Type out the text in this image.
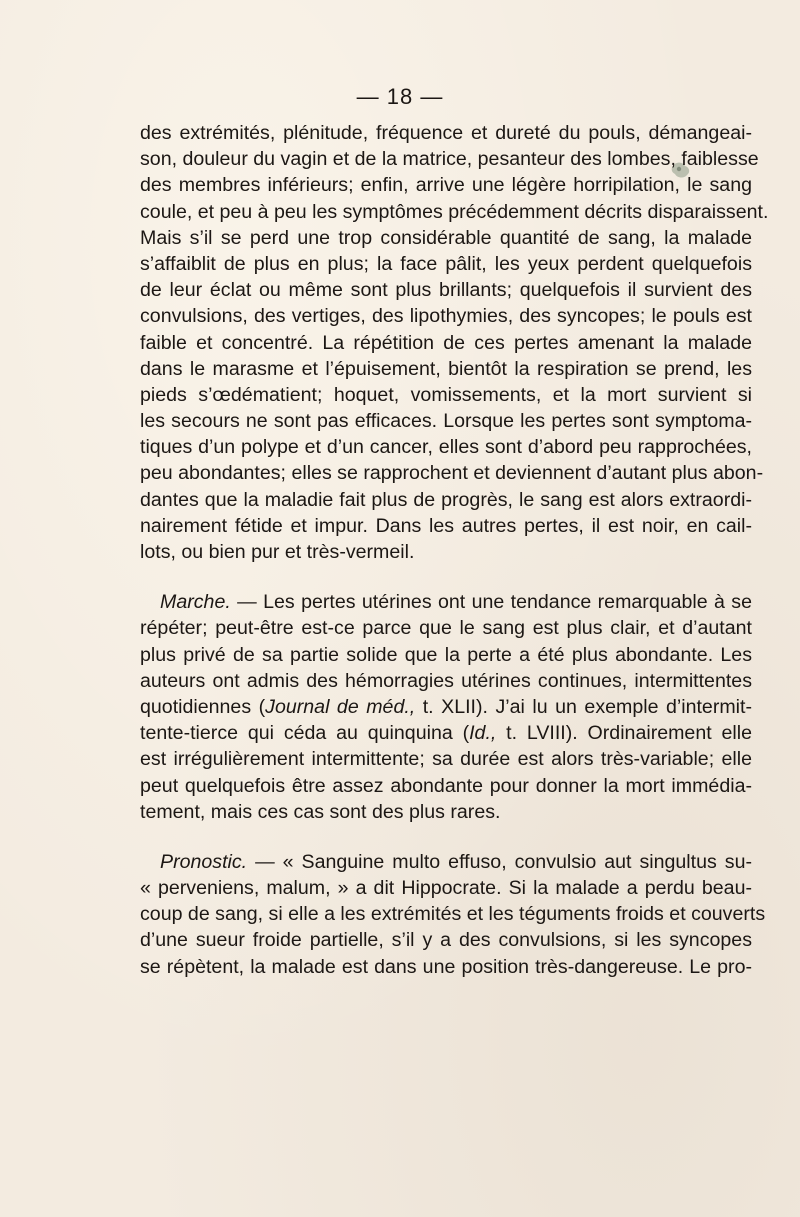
— 18 —
des extrémités, plénitude, fréquence et dureté du pouls, démangeai-
son, douleur du vagin et de la matrice, pesanteur des lombes, faiblesse
des membres inférieurs; enfin, arrive une légère horripilation, le sang
coule, et peu à peu les symptômes précédemment décrits disparaissent.
Mais s’il se perd une trop considérable quantité de sang, la malade
s’affaiblit de plus en plus; la face pâlit, les yeux perdent quelquefois
de leur éclat ou même sont plus brillants; quelquefois il survient des
convulsions, des vertiges, des lipothymies, des syncopes; le pouls est
faible et concentré. La répétition de ces pertes amenant la malade
dans le marasme et l’épuisement, bientôt la respiration se prend, les
pieds s’œdématient; hoquet, vomissements, et la mort survient si
les secours ne sont pas efficaces. Lorsque les pertes sont symptoma-
tiques d’un polype et d’un cancer, elles sont d’abord peu rapprochées,
peu abondantes; elles se rapprochent et deviennent d’autant plus abon-
dantes que la maladie fait plus de progrès, le sang est alors extraordi-
nairement fétide et impur. Dans les autres pertes, il est noir, en cail-
lots, ou bien pur et très-vermeil.
Marche. — Les pertes utérines ont une tendance remarquable à se
répéter; peut-être est-ce parce que le sang est plus clair, et d’autant
plus privé de sa partie solide que la perte a été plus abondante. Les
auteurs ont admis des hémorragies utérines continues, intermittentes
quotidiennes (Journal de méd., t. XLII). J’ai lu un exemple d’intermit-
tente-tierce qui céda au quinquina (Id., t. LVIII). Ordinairement elle
est irrégulièrement intermittente; sa durée est alors très-variable; elle
peut quelquefois être assez abondante pour donner la mort immédia-
tement, mais ces cas sont des plus rares.
Pronostic. — « Sanguine multo effuso, convulsio aut singultus su-
« perveniens, malum, » a dit Hippocrate. Si la malade a perdu beau-
coup de sang, si elle a les extrémités et les téguments froids et couverts
d’une sueur froide partielle, s’il y a des convulsions, si les syncopes
se répètent, la malade est dans une position très-dangereuse. Le pro-
